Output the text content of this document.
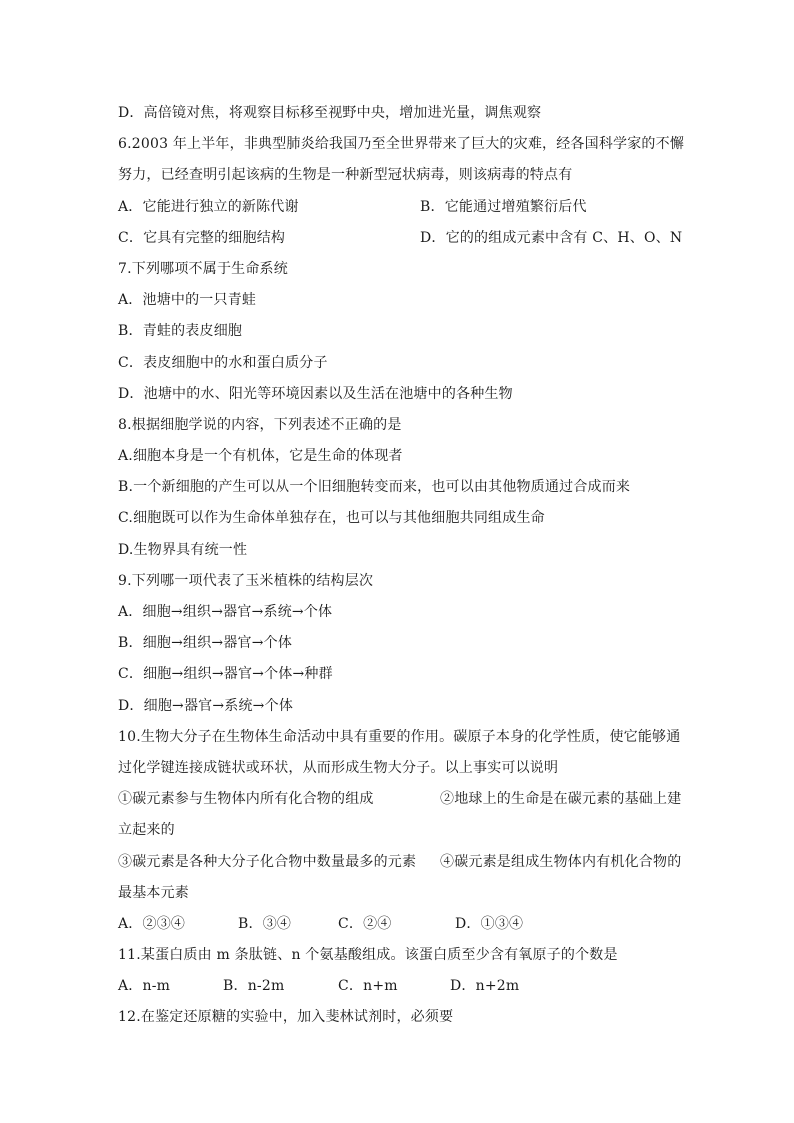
D．高倍镜对焦，将观察目标移至视野中央，增加进光量，调焦观察
6.2003 年上半年，非典型肺炎给我国乃至全世界带来了巨大的灾难，经各国科学家的不懈
努力，已经查明引起该病的生物是一种新型冠状病毒，则该病毒的特点有
A．它能进行独立的新陈代谢	B．它能通过增殖繁衍后代
C．它具有完整的细胞结构	D．它的的组成元素中含有 C、H、O、N
7.下列哪项不属于生命系统
A．池塘中的一只青蛙
B．青蛙的表皮细胞
C．表皮细胞中的水和蛋白质分子
D．池塘中的水、阳光等环境因素以及生活在池塘中的各种生物
8.根据细胞学说的内容，下列表述不正确的是
A.细胞本身是一个有机体，它是生命的体现者
B.一个新细胞的产生可以从一个旧细胞转变而来，也可以由其他物质通过合成而来
C.细胞既可以作为生命体单独存在，也可以与其他细胞共同组成生命
D.生物界具有统一性
9.下列哪一项代表了玉米植株的结构层次
A．细胞→组织→器官→系统→个体
B．细胞→组织→器官→个体
C．细胞→组织→器官→个体→种群
D．细胞→器官→系统→个体
10.生物大分子在生物体生命活动中具有重要的作用。碳原子本身的化学性质，使它能够通
过化学键连接成链状或环状，从而形成生物大分子。以上事实可以说明
①碳元素参与生物体内所有化合物的组成	②地球上的生命是在碳元素的基础上建
立起来的
③碳元素是各种大分子化合物中数量最多的元素	④碳元素是组成生物体内有机化合物的
最基本元素
A．②③④	B．③④	C．②④	D．①③④
11.某蛋白质由 m 条肽链、n 个氨基酸组成。该蛋白质至少含有氧原子的个数是
A．n-m	B．n-2m	C．n+m	D．n+2m
12.在鉴定还原糖的实验中，加入斐林试剂时，必须要
